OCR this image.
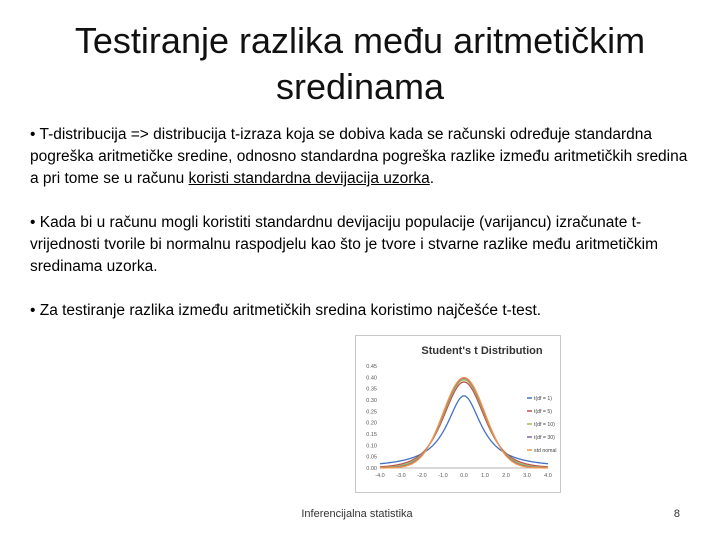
Testiranje razlika među aritmetičkim
sredinama

• T-distribucija => distribucija t-izraza koja se dobiva kada se računski određuje standardna pogreška aritmetičke sredine, odnosno standardna pogreška razlike između aritmetičkih sredina a pri tome se u računu koristi standardna devijacija uzorka.

• Kada bi u računu mogli koristiti standardnu devijaciju populacije (varijancu) izračunate t-vrijednosti tvorile bi normalnu raspodjelu kao što je tvore i stvarne razlike među aritmetičkim sredinama uzorka.

• Za testiranje razlika između aritmetičkih sredina koristimo najčešće t-test.

Student's t Distribution
0.00
0.05
0.10
0.15
0.20
0.25
0.30
0.35
0.40
0.45
-4.0 -3.0 -2.0 -1.0 0.0 1.0 2.0 3.0 4.0
t(df = 1)
t(df = 5)
t(df = 10)
t(df = 30)
std nomal
Inferencijalna statistika	8
